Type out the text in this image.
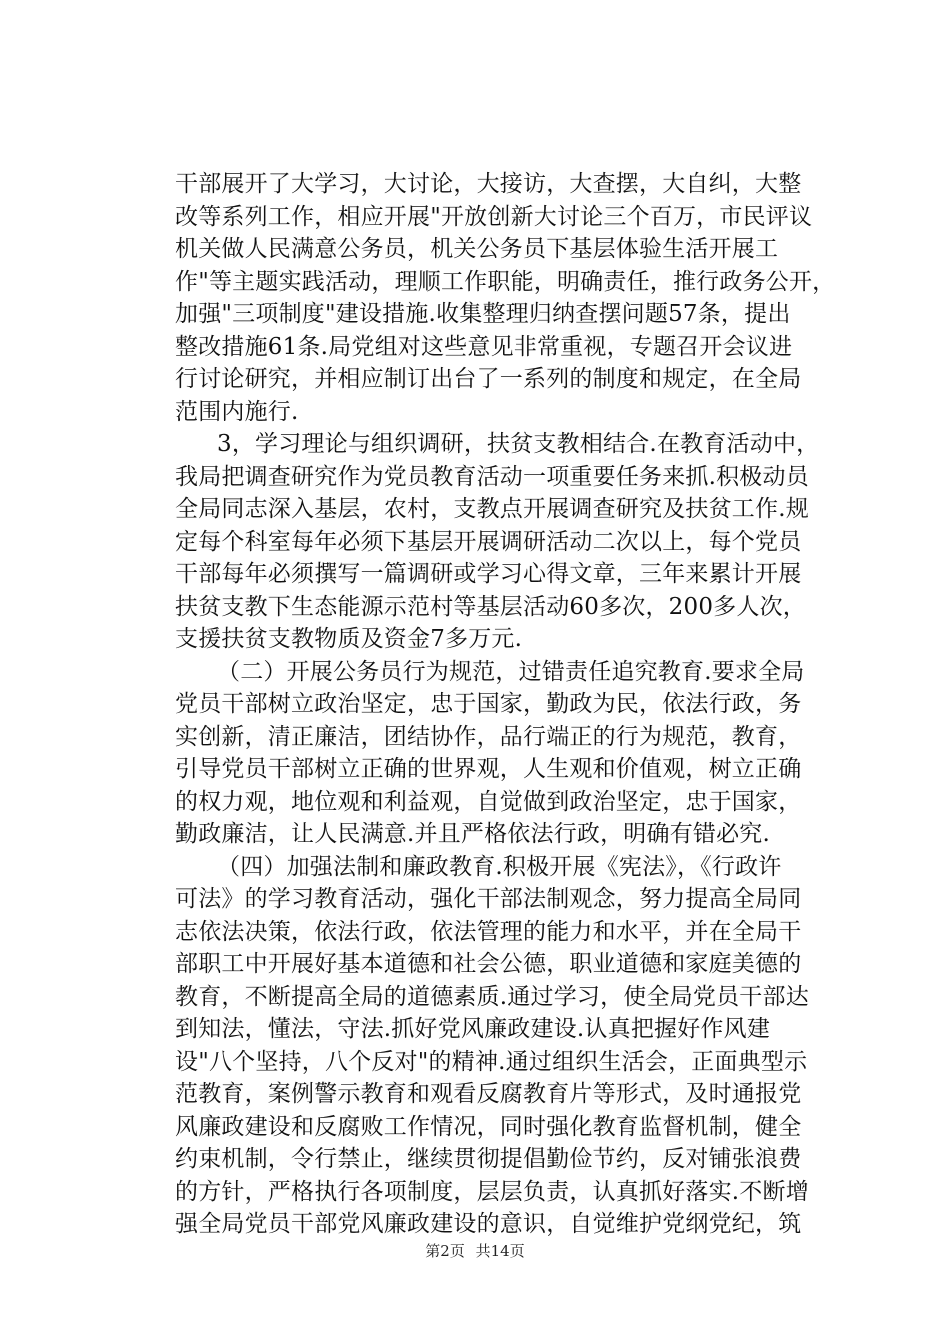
干部展开了大学习，大讨论，大接访，大查摆，大自纠，大整
改等系列工作，相应开展"开放创新大讨论三个百万，市民评议
机关做人民满意公务员，机关公务员下基层体验生活开展工
作"等主题实践活动，理顺工作职能，明确责任，推行政务公开，
加强"三项制度"建设措施.收集整理归纳查摆问题57条，提出
整改措施61条.局党组对这些意见非常重视，专题召开会议进
行讨论研究，并相应制订出台了一系列的制度和规定，在全局
范围内施行.
3，学习理论与组织调研，扶贫支教相结合.在教育活动中，
我局把调查研究作为党员教育活动一项重要任务来抓.积极动员
全局同志深入基层，农村，支教点开展调查研究及扶贫工作.规
定每个科室每年必须下基层开展调研活动二次以上，每个党员
干部每年必须撰写一篇调研或学习心得文章，三年来累计开展
扶贫支教下生态能源示范村等基层活动60多次，200多人次，
支援扶贫支教物质及资金7多万元.
（二）开展公务员行为规范，过错责任追究教育.要求全局
党员干部树立政治坚定，忠于国家，勤政为民，依法行政，务
实创新，清正廉洁，团结协作，品行端正的行为规范，教育，
引导党员干部树立正确的世界观，人生观和价值观，树立正确
的权力观，地位观和利益观，自觉做到政治坚定，忠于国家，
勤政廉洁，让人民满意.并且严格依法行政，明确有错必究.
（四）加强法制和廉政教育.积极开展《宪法》，《行政许
可法》的学习教育活动，强化干部法制观念，努力提高全局同
志依法决策，依法行政，依法管理的能力和水平，并在全局干
部职工中开展好基本道德和社会公德，职业道德和家庭美德的
教育，不断提高全局的道德素质.通过学习，使全局党员干部达
到知法，懂法，守法.抓好党风廉政建设.认真把握好作风建
设"八个坚持，八个反对"的精神.通过组织生活会，正面典型示
范教育，案例警示教育和观看反腐教育片等形式，及时通报党
风廉政建设和反腐败工作情况，同时强化教育监督机制，健全
约束机制，令行禁止，继续贯彻提倡勤俭节约，反对铺张浪费
的方针，严格执行各项制度，层层负责，认真抓好落实.不断增
强全局党员干部党风廉政建设的意识，自觉维护党纲党纪，筑
第2页 共14页
